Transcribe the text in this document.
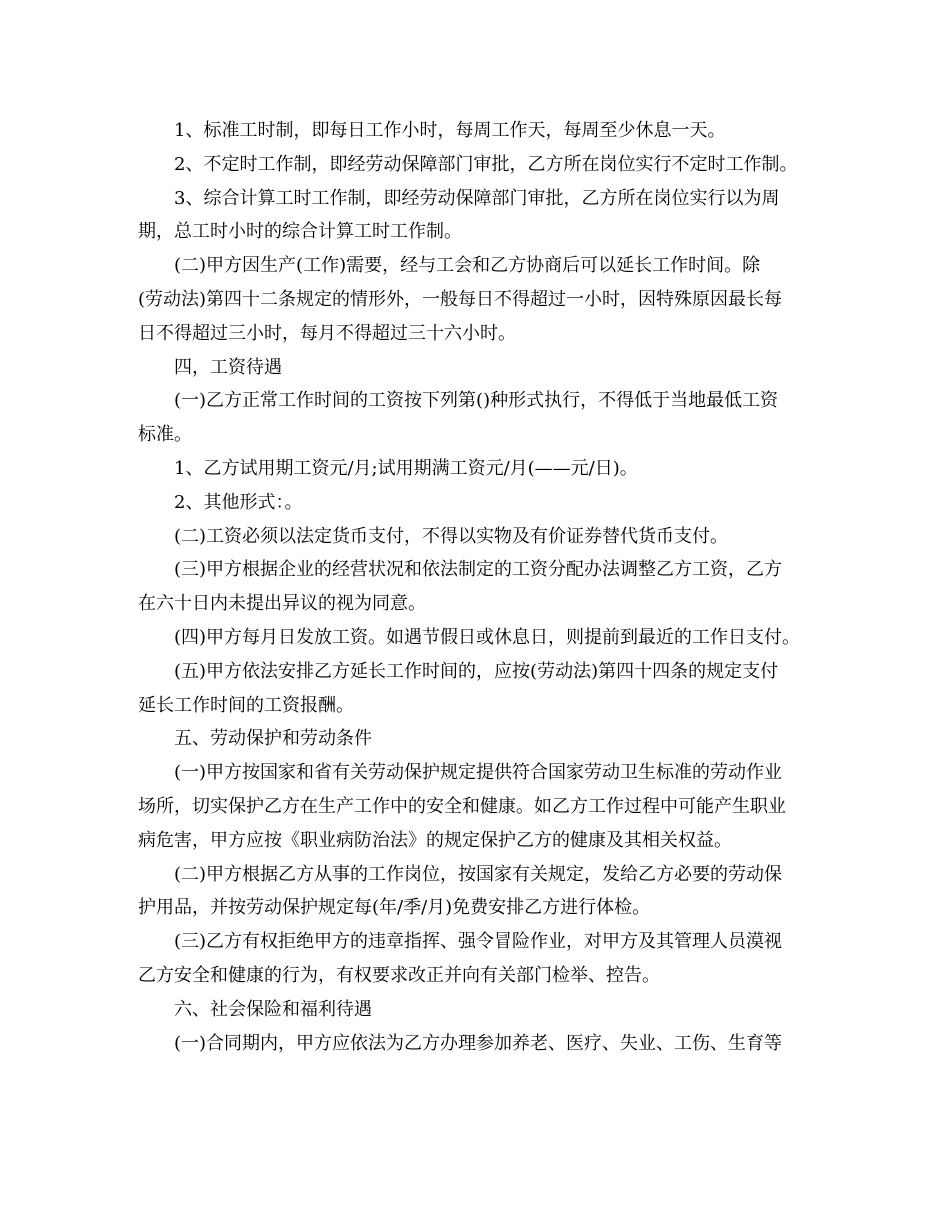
1、标准工时制，即每日工作小时，每周工作天，每周至少休息一天。
2、不定时工作制，即经劳动保障部门审批，乙方所在岗位实行不定时工作制。
3、综合计算工时工作制，即经劳动保障部门审批，乙方所在岗位实行以为周
期，总工时小时的综合计算工时工作制。
(二)甲方因生产(工作)需要，经与工会和乙方协商后可以延长工作时间。除
(劳动法)第四十二条规定的情形外，一般每日不得超过一小时，因特殊原因最长每
日不得超过三小时，每月不得超过三十六小时。
四，工资待遇
(一)乙方正常工作时间的工资按下列第()种形式执行，不得低于当地最低工资
标准。
1、乙方试用期工资元/月;试用期满工资元/月(——元/日)。
2、其他形式：。
(二)工资必须以法定货币支付，不得以实物及有价证券替代货币支付。
(三)甲方根据企业的经营状况和依法制定的工资分配办法调整乙方工资，乙方
在六十日内未提出异议的视为同意。
(四)甲方每月日发放工资。如遇节假日或休息日，则提前到最近的工作日支付。
(五)甲方依法安排乙方延长工作时间的，应按(劳动法)第四十四条的规定支付
延长工作时间的工资报酬。
五、劳动保护和劳动条件
(一)甲方按国家和省有关劳动保护规定提供符合国家劳动卫生标准的劳动作业
场所，切实保护乙方在生产工作中的安全和健康。如乙方工作过程中可能产生职业
病危害，甲方应按《职业病防治法》的规定保护乙方的健康及其相关权益。
(二)甲方根据乙方从事的工作岗位，按国家有关规定，发给乙方必要的劳动保
护用品，并按劳动保护规定每(年/季/月)免费安排乙方进行体检。
(三)乙方有权拒绝甲方的违章指挥、强令冒险作业，对甲方及其管理人员漠视
乙方安全和健康的行为，有权要求改正并向有关部门检举、控告。
六、社会保险和福利待遇
(一)合同期内，甲方应依法为乙方办理参加养老、医疗、失业、工伤、生育等
